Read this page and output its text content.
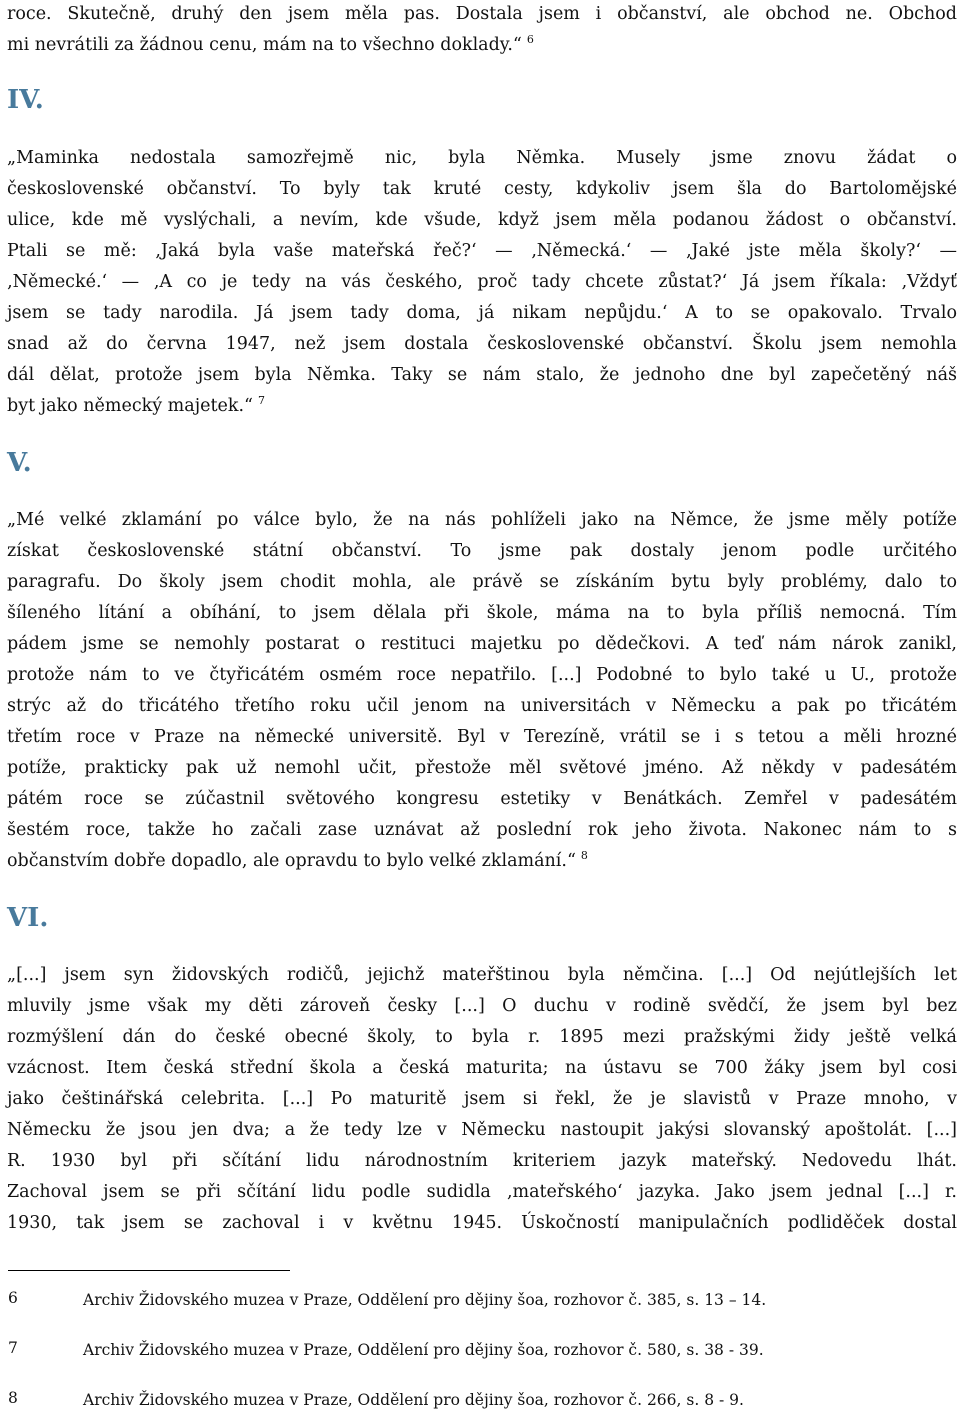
roce. Skutečně, druhý den jsem měla pas. Dostala jsem i občanství, ale obchod ne. Obchod
mi nevrátili za žádnou cenu, mám na to všechno doklady.“ $^6$
IV.
„Maminka nedostala samozřejmě nic, byla Němka. Musely jsme znovu žádat o
československé občanství. To byly tak kruté cesty, kdykoliv jsem šla do Bartolomějské
ulice, kde mě vyslýchali, a nevím, kde všude, když jsem měla podanou žádost o občanství.
Ptali se mě: ‚Jaká byla vaše mateřská řeč?‘ — ‚Německá.‘ — ‚Jaké jste měla školy?‘ —
‚Německé.‘ — ‚A co je tedy na vás českého, proč tady chcete zůstat?‘ Já jsem říkala: ‚Vždyť
jsem se tady narodila. Já jsem tady doma, já nikam nepůjdu.‘ A to se opakovalo. Trvalo
snad až do června 1947, než jsem dostala československé občanství. Školu jsem nemohla
dál dělat, protože jsem byla Němka. Taky se nám stalo, že jednoho dne byl zapečetěný náš
byt jako německý majetek.“ $^7$
V.
„Mé velké zklamání po válce bylo, že na nás pohlíželi jako na Němce, že jsme měly potíže
získat československé státní občanství. To jsme pak dostaly jenom podle určitého
paragrafu. Do školy jsem chodit mohla, ale právě se získáním bytu byly problémy, dalo to
šíleného lítání a obíhání, to jsem dělala při škole, máma na to byla příliš nemocná. Tím
pádem jsme se nemohly postarat o restituci majetku po dědečkovi. A teď nám nárok zanikl,
protože nám to ve čtyřicátém osmém roce nepatřilo. [...] Podobné to bylo také u U., protože
strýc až do třicátého třetího roku učil jenom na universitách v Německu a pak po třicátém
třetím roce v Praze na německé universitě. Byl v Terezíně, vrátil se i s tetou a měli hrozné
potíže, prakticky pak už nemohl učit, přestože měl světové jméno. Až někdy v padesátém
pátém roce se zúčastnil světového kongresu estetiky v Benátkách. Zemřel v padesátém
šestém roce, takže ho začali zase uznávat až poslední rok jeho života. Nakonec nám to s
občanstvím dobře dopadlo, ale opravdu to bylo velké zklamání.“ $^8$
VI.
„[...] jsem syn židovských rodičů, jejichž mateřštinou byla němčina. [...] Od nejútlejších let
mluvily jsme však my děti zároveň česky [...] O duchu v rodině svědčí, že jsem byl bez
rozmýšlení dán do české obecné školy, to byla r. 1895 mezi pražskými židy ještě velká
vzácnost. Item česká střední škola a česká maturita; na ústavu se 700 žáky jsem byl cosi
jako češtinářská celebrita. [...] Po maturitě jsem si řekl, že je slavistů v Praze mnoho, v
Německu že jsou jen dva; a že tedy lze v Německu nastoupit jakýsi slovanský apoštolát. [...]
R. 1930 byl při sčítání lidu národnostním kriteriem jazyk mateřský. Nedovedu lhát.
Zachoval jsem se při sčítání lidu podle sudidla ‚mateřského‘ jazyka. Jako jsem jednal [...] r.
1930, tak jsem se zachoval i v květnu 1945. Úskočností manipulačních podliděček dostal
6	Archiv Židovského muzea v Praze, Oddělení pro dějiny šoa, rozhovor č. 385, s. 13 – 14.
7	Archiv Židovského muzea v Praze, Oddělení pro dějiny šoa, rozhovor č. 580, s. 38 - 39.
8	Archiv Židovského muzea v Praze, Oddělení pro dějiny šoa, rozhovor č. 266, s. 8 - 9.
